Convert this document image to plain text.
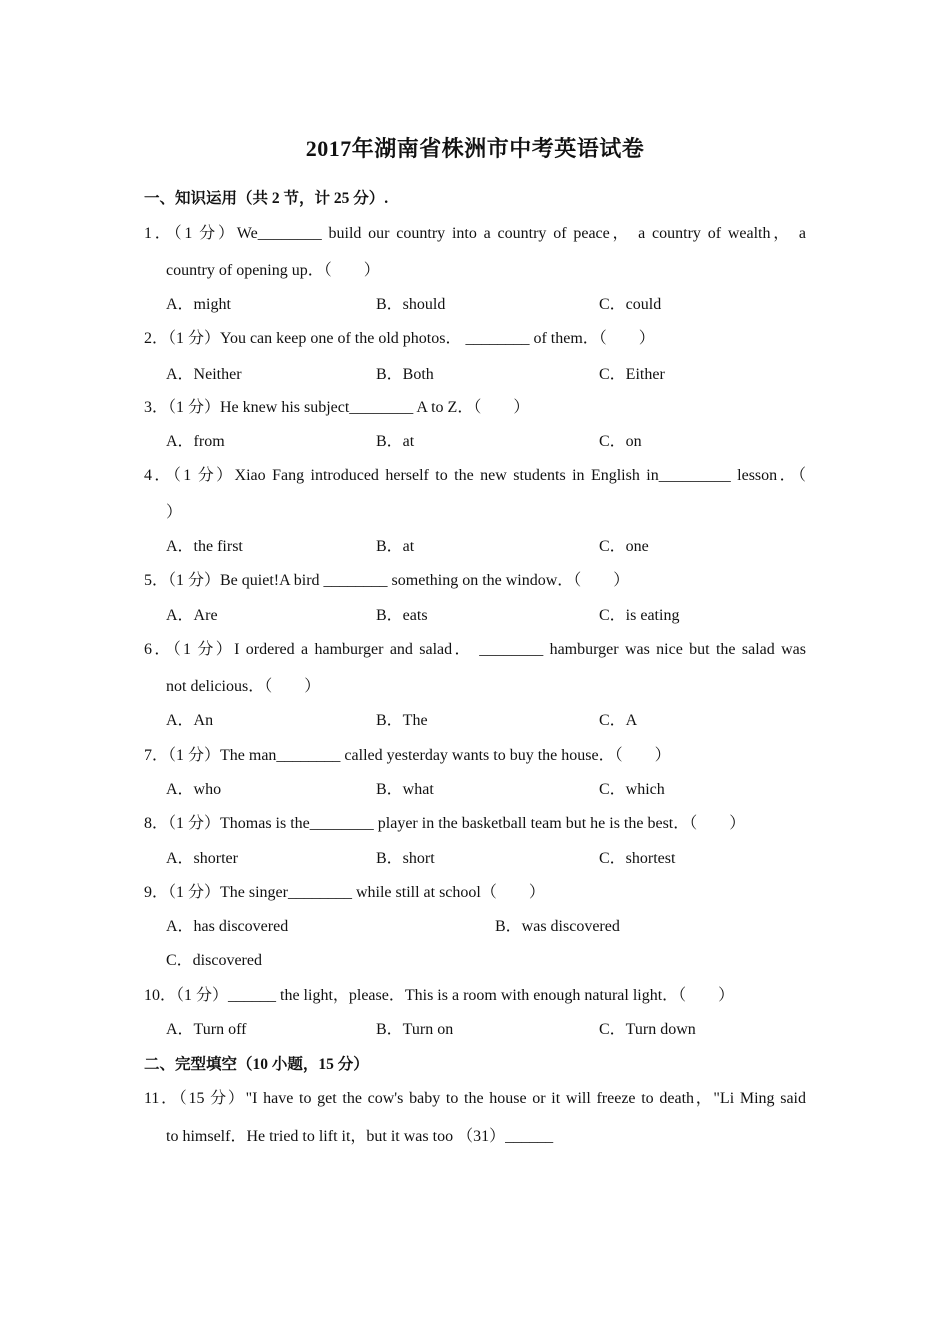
2017年湖南省株洲市中考英语试卷
一、知识运用（共 2 节，计 25 分）.
1．（1 分）We________ build our country into a country of peace， a country of wealth， a
country of opening up．（　　）
A．might	B．should	C．could
2．（1 分）You can keep one of the old photos． ________ of them．（　　）
A．Neither	B．Both	C．Either
3．（1 分）He knew his subject________ A to Z．（　　）
A．from	B．at	C．on
4．（1 分）Xiao Fang introduced herself to the new students in English in_________ lesson．（
）
A．the first	B．at	C．one
5．（1 分）Be quiet!A bird ________ something on the window．（　　）
A．Are	B．eats	C．is eating
6．（1 分）I ordered a hamburger and salad． ________ hamburger was nice but the salad was
not delicious．（　　）
A．An	B．The	C．A
7．（1 分）The man________ called yesterday wants to buy the house．（　　）
A．who	B．what	C．which
8．（1 分）Thomas is the________ player in the basketball team but he is the best．（　　）
A．shorter	B．short	C．shortest
9．（1 分）The singer________ while still at school（　　）
A．has discovered	B．was discovered
C．discovered
10．（1 分）______ the light，please．This is a room with enough natural light．（　　）
A．Turn off	B．Turn on	C．Turn down
二、完型填空（10 小题，15 分）
11．（15 分）"I have to get the cow's baby to the house or it will freeze to death，"Li Ming said
to himself．He tried to lift it，but it was too （31）______
